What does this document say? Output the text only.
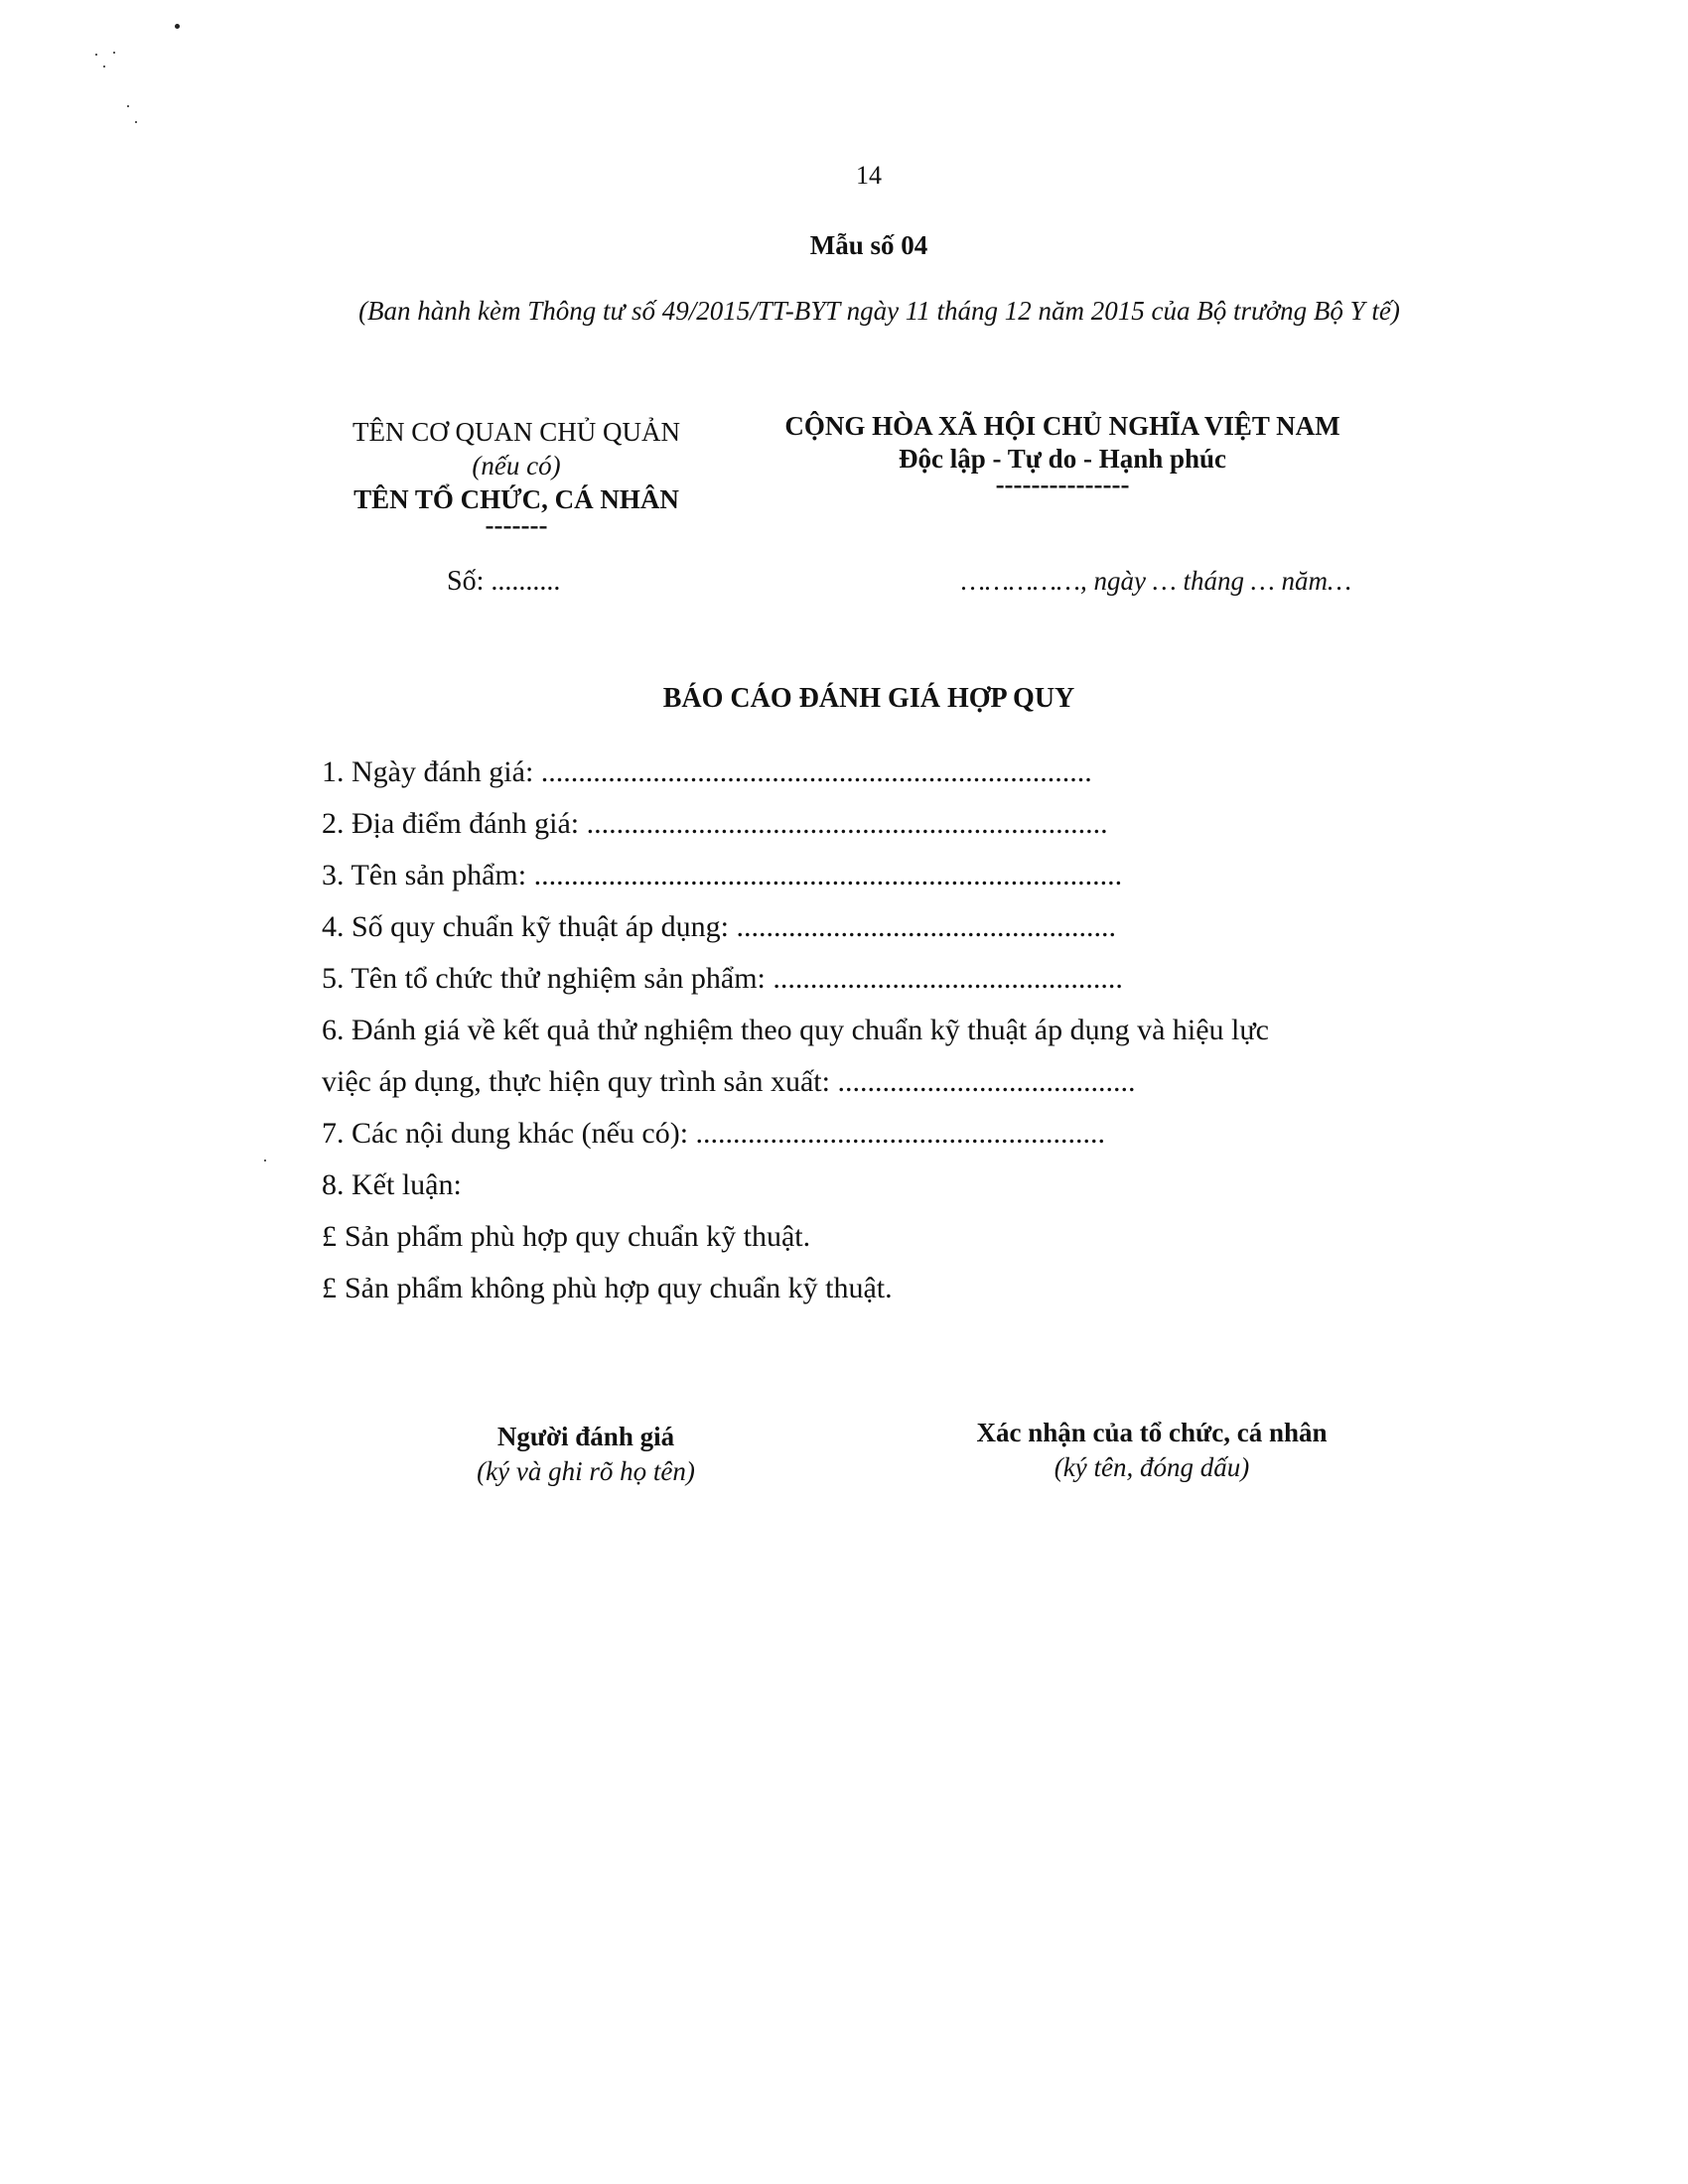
14
Mẫu số 04
(Ban hành kèm Thông tư số 49/2015/TT-BYT ngày 11 tháng 12 năm 2015 của Bộ trưởng Bộ Y tế)
TÊN CƠ QUAN CHỦ QUẢN
(nếu có)
TÊN TỔ CHỨC, CÁ NHÂN
-------
CỘNG HÒA XÃ HỘI CHỦ NGHĨA VIỆT NAM
Độc lập - Tự do - Hạnh phúc
---------------
Số: ..........	……………, ngày … tháng … năm…
BÁO CÁO ĐÁNH GIÁ HỢP QUY
1. Ngày đánh giá: ..........................................................................
2. Địa điểm đánh giá: ......................................................................
3. Tên sản phẩm: ...............................................................................
4. Số quy chuẩn kỹ thuật áp dụng: ...................................................
5. Tên tổ chức thử nghiệm sản phẩm: ...............................................
6. Đánh giá về kết quả thử nghiệm theo quy chuẩn kỹ thuật áp dụng và hiệu lực
việc áp dụng, thực hiện quy trình sản xuất: ........................................
7. Các nội dung khác (nếu có): .......................................................
8. Kết luận:
£ Sản phẩm phù hợp quy chuẩn kỹ thuật.
£ Sản phẩm không phù hợp quy chuẩn kỹ thuật.
Người đánh giá
(ký và ghi rõ họ tên)
Xác nhận của tổ chức, cá nhân
(ký tên, đóng dấu)
